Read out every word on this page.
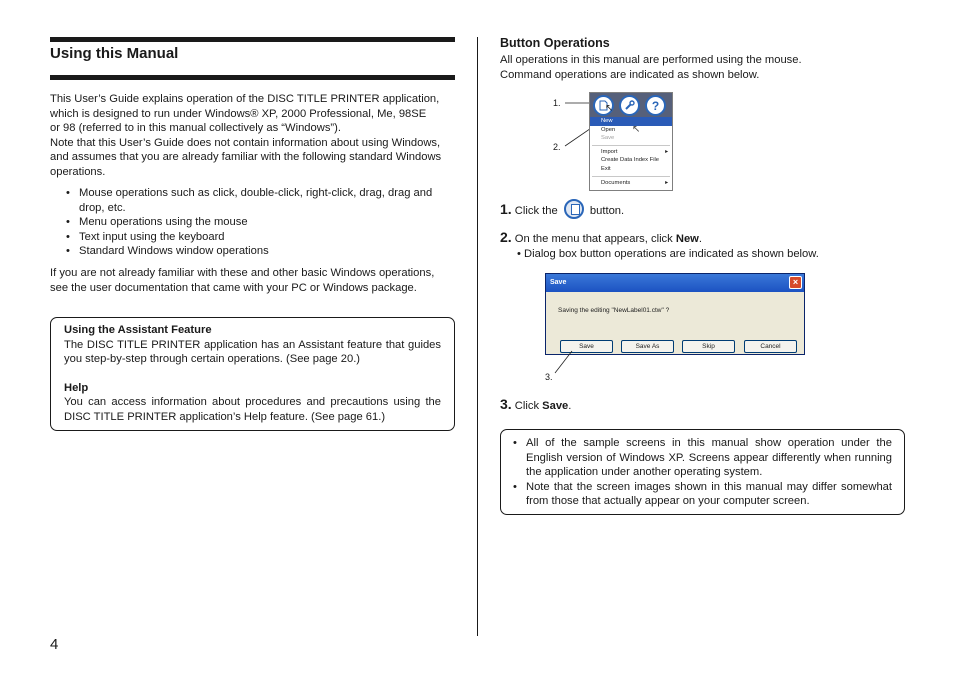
Using this Manual
This User’s Guide explains operation of the DISC TITLE PRINTER application,
which is designed to run under Windows® XP, 2000 Professional, Me, 98SE
or 98 (referred to in this manual collectively as “Windows”).
Note that this User’s Guide does not contain information about using Windows,
and assumes that you are already familiar with the following standard Windows
operations.
• Mouse operations such as click, double-click, right-click, drag, drag and drop, etc.
• Menu operations using the mouse
• Text input using the keyboard
• Standard Windows window operations
If you are not already familiar with these and other basic Windows operations,
see the user documentation that came with your PC or Windows package.
Using the Assistant Feature

The DISC TITLE PRINTER application has an Assistant feature that guides you step-by-step through certain operations. (See page 20.)

Help

You can access information about procedures and precautions using the DISC TITLE PRINTER application’s Help feature. (See page 61.)

4
Button Operations
All operations in this manual are performed using the mouse.
Command operations are indicated as shown below.
1.
2.
?
↖
New
Open
Save
Import	▸
Create Data Index File
Exit
Documents	▸
↖
1. Click the	button.
2. On the menu that appears, click New.
• Dialog box button operations are indicated as shown below.
Save	×
Saving the editing "NewLabel01.ctw" ?
Save	Save As	Skip	Cancel
3.
3. Click Save.
• All of the sample screens in this manual show operation under the English version of Windows XP. Screens appear differently when running the application under another operating system.
• Note that the screen images shown in this manual may differ somewhat from those that actually appear on your computer screen.
